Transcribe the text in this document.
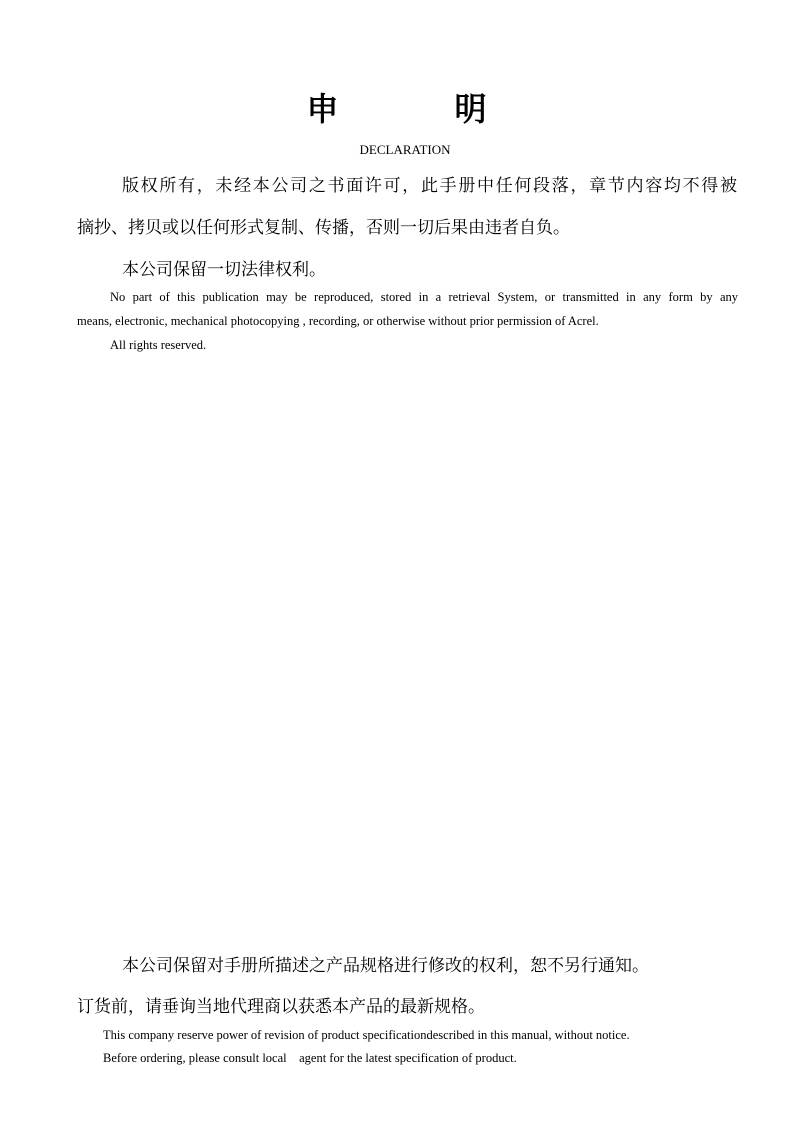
申　明
DECLARATION
版权所有，未经本公司之书面许可，此手册中任何段落，章节内容均不得被
摘抄、拷贝或以任何形式复制、传播，否则一切后果由违者自负。
本公司保留一切法律权利。
No part of this publication may be reproduced, stored in a retrieval System, or transmitted in any form by any
means, electronic, mechanical photocopying , recording, or otherwise without prior permission of Acrel.
All rights reserved.
本公司保留对手册所描述之产品规格进行修改的权利，恕不另行通知。
订货前，请垂询当地代理商以获悉本产品的最新规格。
This company reserve power of revision of product specificationdescribed in this manual, without notice.
Before ordering, please consult local    agent for the latest specification of product.
